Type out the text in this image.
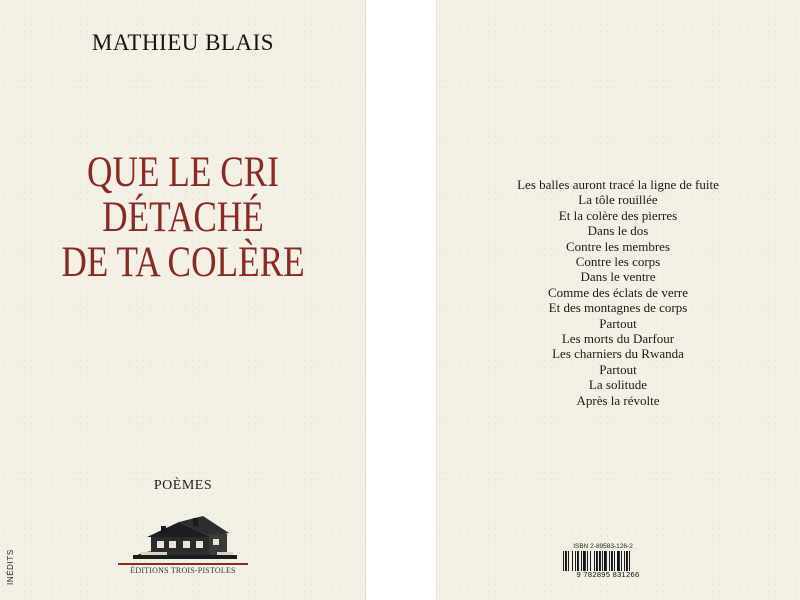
MATHIEU BLAIS
QUE LE CRI
DÉTACHÉ
DE TA COLÈRE
POÈMES
ÉDITIONS TROIS-PISTOLES
INÉDITS
Les balles auront tracé la ligne de fuite
La tôle rouillée
Et la colère des pierres
Dans le dos
Contre les membres
Contre les corps
Dans le ventre
Comme des éclats de verre
Et des montagnes de corps
Partout
Les morts du Darfour
Les charniers du Rwanda
Partout
La solitude
Après la révolte
ISBN 2-89583-126-2
9 782895 831266
